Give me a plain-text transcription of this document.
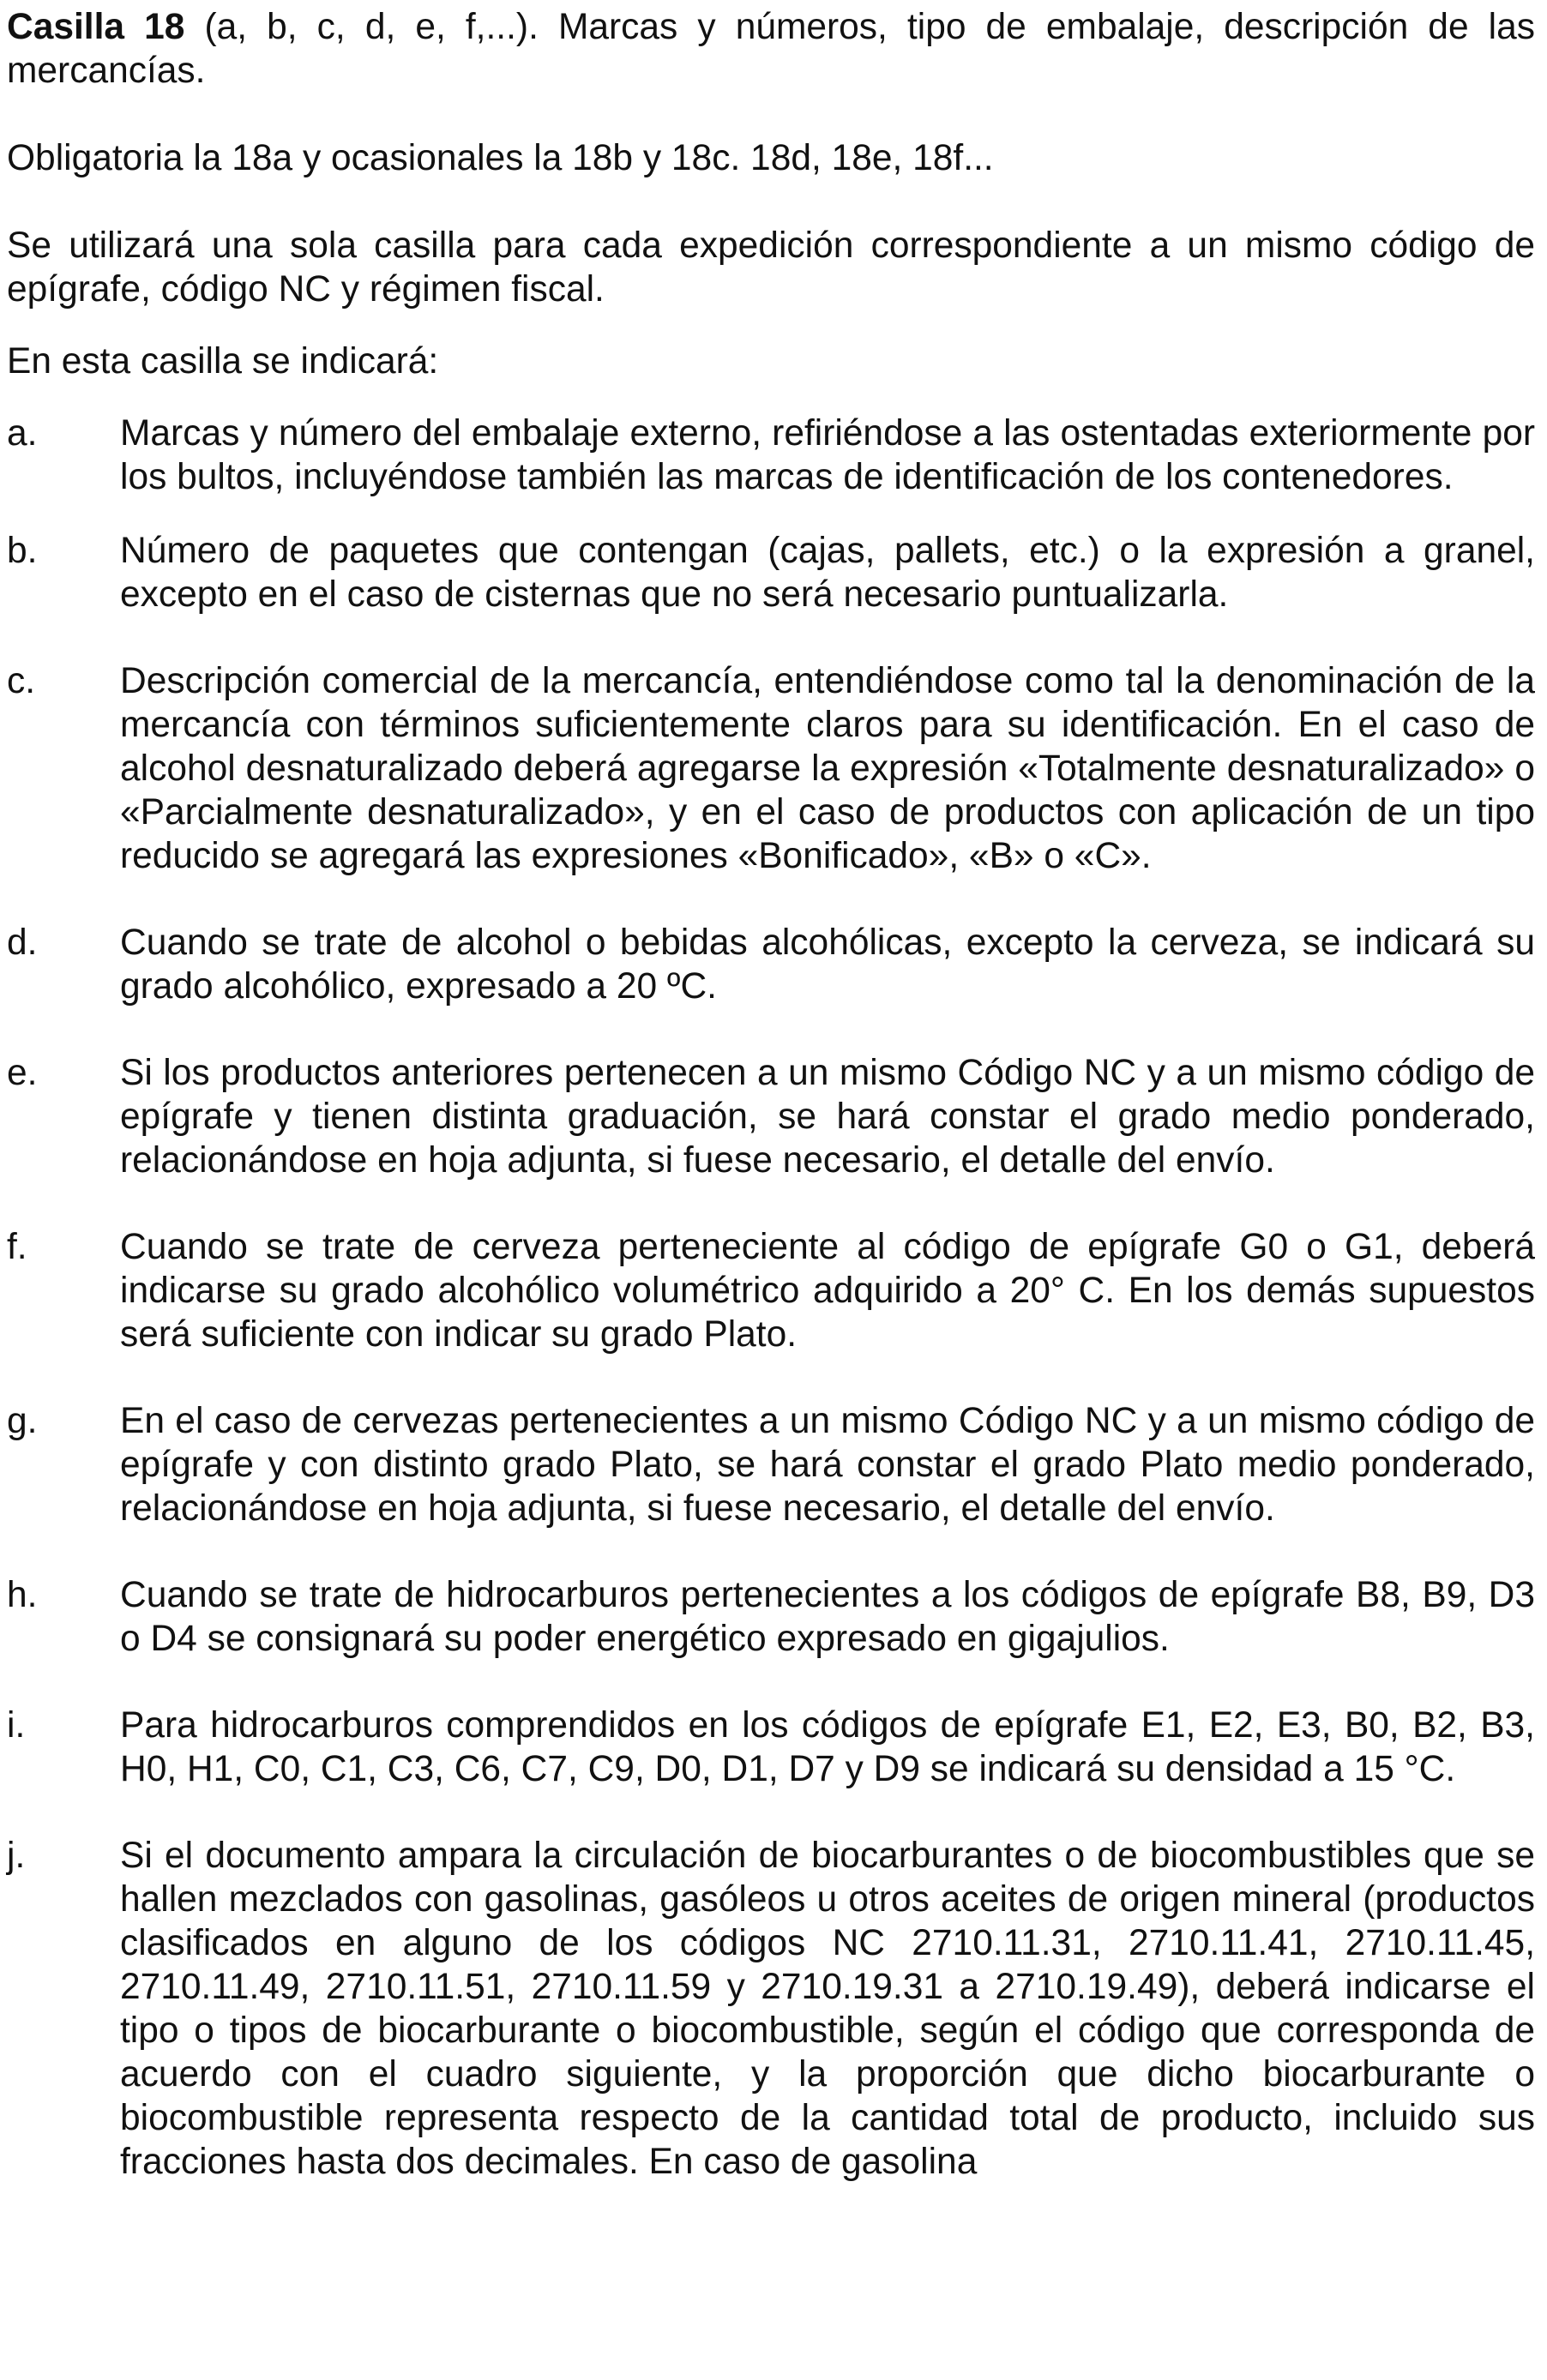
Casilla 18 (a, b, c, d, e, f,...). Marcas y números, tipo de embalaje, descripción de las mercancías.

Obligatoria la 18a y ocasionales la 18b y 18c. 18d, 18e, 18f...

Se utilizará una sola casilla para cada expedición correspondiente a un mismo código de epígrafe, código NC y régimen fiscal.

En esta casilla se indicará:

a.	Marcas y número del embalaje externo, refiriéndose a las ostentadas exteriormente por los bultos, incluyéndose también las marcas de identificación de los contenedores.
b.	Número de paquetes que contengan (cajas, pallets, etc.) o la expresión a granel, excepto en el caso de cisternas que no será necesario puntualizarla.
c.	Descripción comercial de la mercancía, entendiéndose como tal la denominación de la mercancía con términos suficientemente claros para su identificación. En el caso de alcohol desnaturalizado deberá agregarse la expresión «Totalmente desnaturalizado» o «Parcialmente desnaturalizado», y en el caso de productos con aplicación de un tipo reducido se agregará las expresiones «Bonificado», «B» o «C».
d.	Cuando se trate de alcohol o bebidas alcohólicas, excepto la cerveza, se indicará su grado alcohólico, expresado a 20 ºC.
e.	Si los productos anteriores pertenecen a un mismo Código NC y a un mismo código de epígrafe y tienen distinta graduación, se hará constar el grado medio ponderado, relacionándose en hoja adjunta, si fuese necesario, el detalle del envío.
f.	Cuando se trate de cerveza perteneciente al código de epígrafe G0 o G1, deberá indicarse su grado alcohólico volumétrico adquirido a 20° C. En los demás supuestos será suficiente con indicar su grado Plato.
g.	En el caso de cervezas pertenecientes a un mismo Código NC y a un mismo código de epígrafe y con distinto grado Plato, se hará constar el grado Plato medio ponderado, relacionándose en hoja adjunta, si fuese necesario, el detalle del envío.
h.	Cuando se trate de hidrocarburos pertenecientes a los códigos de epígrafe B8, B9, D3 o D4 se consignará su poder energético expresado en gigajulios.
i.	Para hidrocarburos comprendidos en los códigos de epígrafe E1, E2, E3, B0, B2, B3, H0, H1, C0, C1, C3, C6, C7, C9, D0, D1, D7 y D9 se indicará su densidad a 15 °C.
j.	Si el documento ampara la circulación de biocarburantes o de biocombustibles que se hallen mezclados con gasolinas, gasóleos u otros aceites de origen mineral (productos clasificados en alguno de los códigos NC 2710.11.31, 2710.11.41, 2710.11.45, 2710.11.49, 2710.11.51, 2710.11.59 y 2710.19.31 a 2710.19.49), deberá indicarse el tipo o tipos de biocarburante o biocombustible, según el código que corresponda de acuerdo con el cuadro siguiente, y la proporción que dicho biocarburante o biocombustible representa respecto de la cantidad total de producto, incluido sus fracciones hasta dos decimales. En caso de gasolina
